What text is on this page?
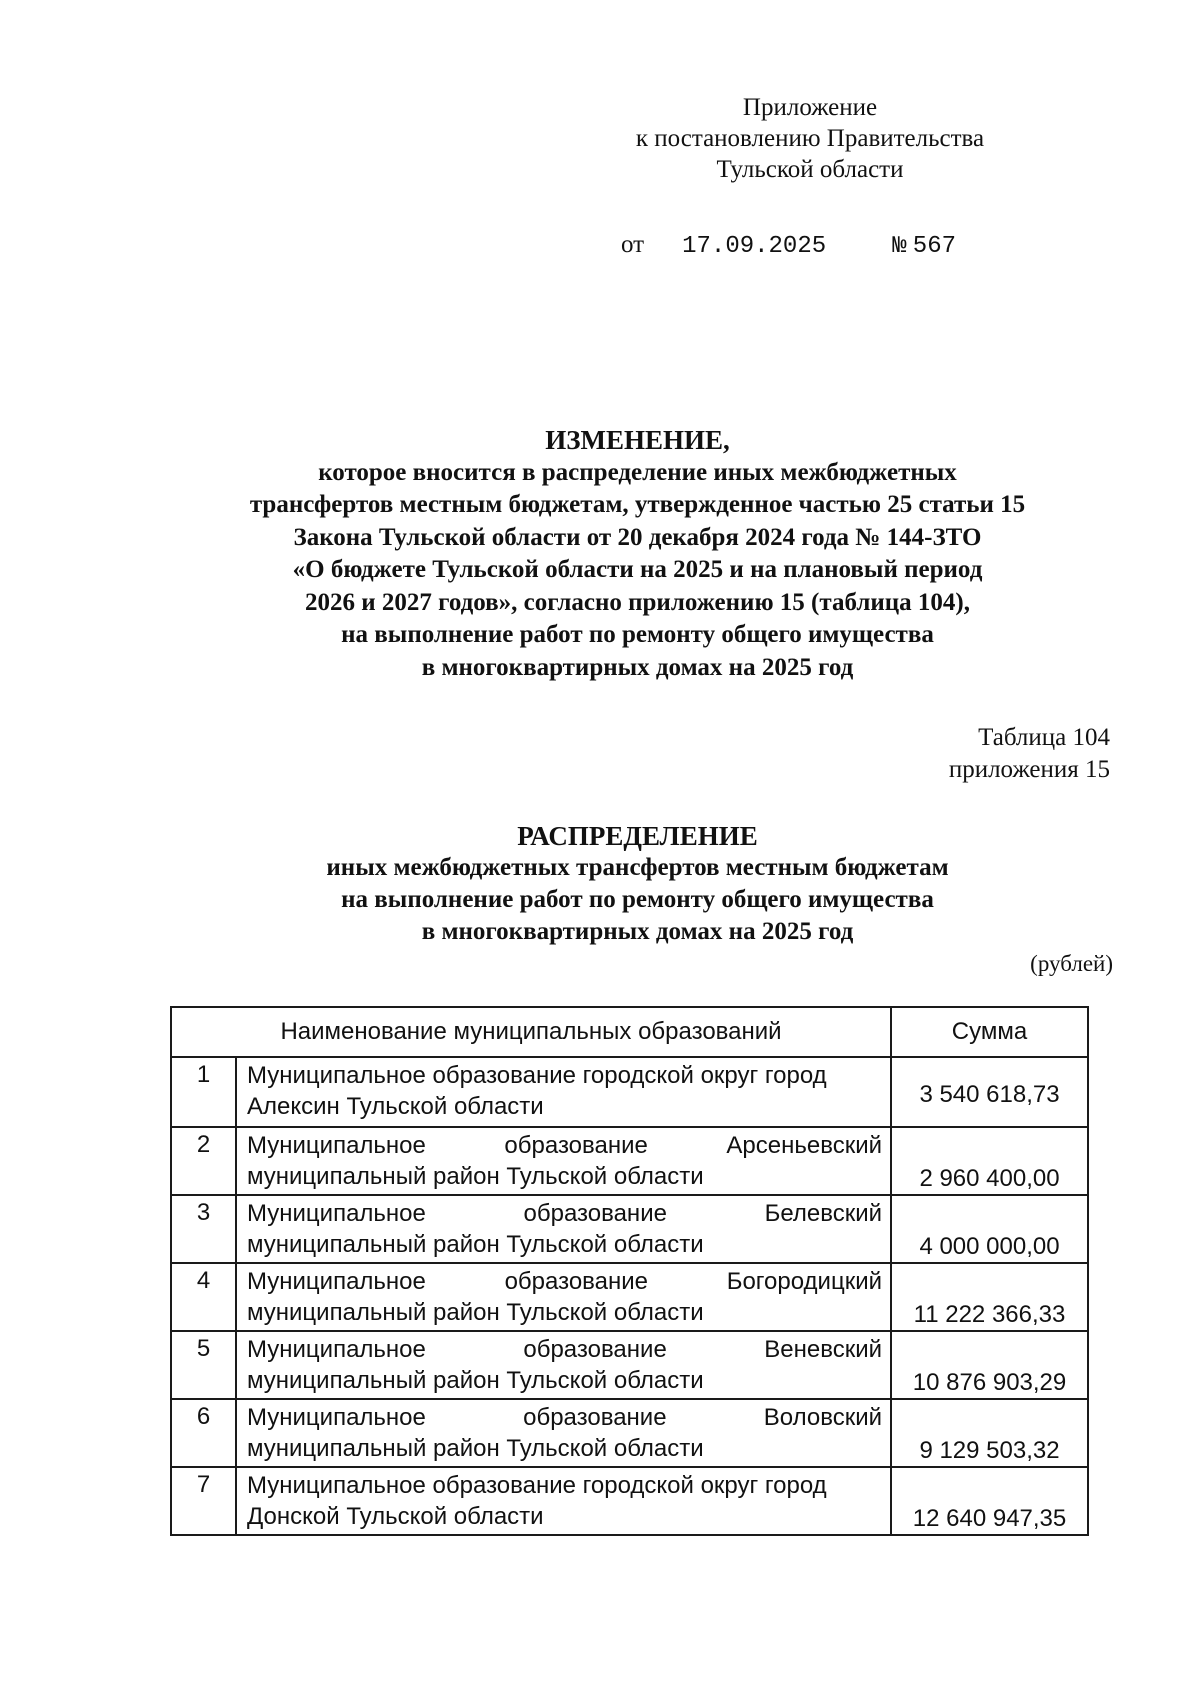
Приложение
к постановлению Правительства
Тульской области
от 17.09.2025	№ 567
ИЗМЕНЕНИЕ,
которое вносится в распределение иных межбюджетных
трансфертов местным бюджетам, утвержденное частью 25 статьи 15
Закона Тульской области от 20 декабря 2024 года № 144-ЗТО
«О бюджете Тульской области на 2025 и на плановый период
2026 и 2027 годов», согласно приложению 15 (таблица 104),
на выполнение работ по ремонту общего имущества
в многоквартирных домах на 2025 год
Таблица 104
приложения 15
РАСПРЕДЕЛЕНИЕ
иных межбюджетных трансфертов местным бюджетам
на выполнение работ по ремонту общего имущества
в многоквартирных домах на 2025 год
(рублей)
Наименование муниципальных образований		Сумма
1	Муниципальное образование городской округ город
Алексин Тульской области	3 540 618,73
2	Муниципальное образование Арсеньевский
муниципальный район Тульской области	2 960 400,00
3	Муниципальное образование Белевский
муниципальный район Тульской области	4 000 000,00
4	Муниципальное образование Богородицкий
муниципальный район Тульской области	11 222 366,33
5	Муниципальное образование Веневский
муниципальный район Тульской области	10 876 903,29
6	Муниципальное образование Воловский
муниципальный район Тульской области	9 129 503,32
7	Муниципальное образование городской округ город
Донской Тульской области	12 640 947,35
